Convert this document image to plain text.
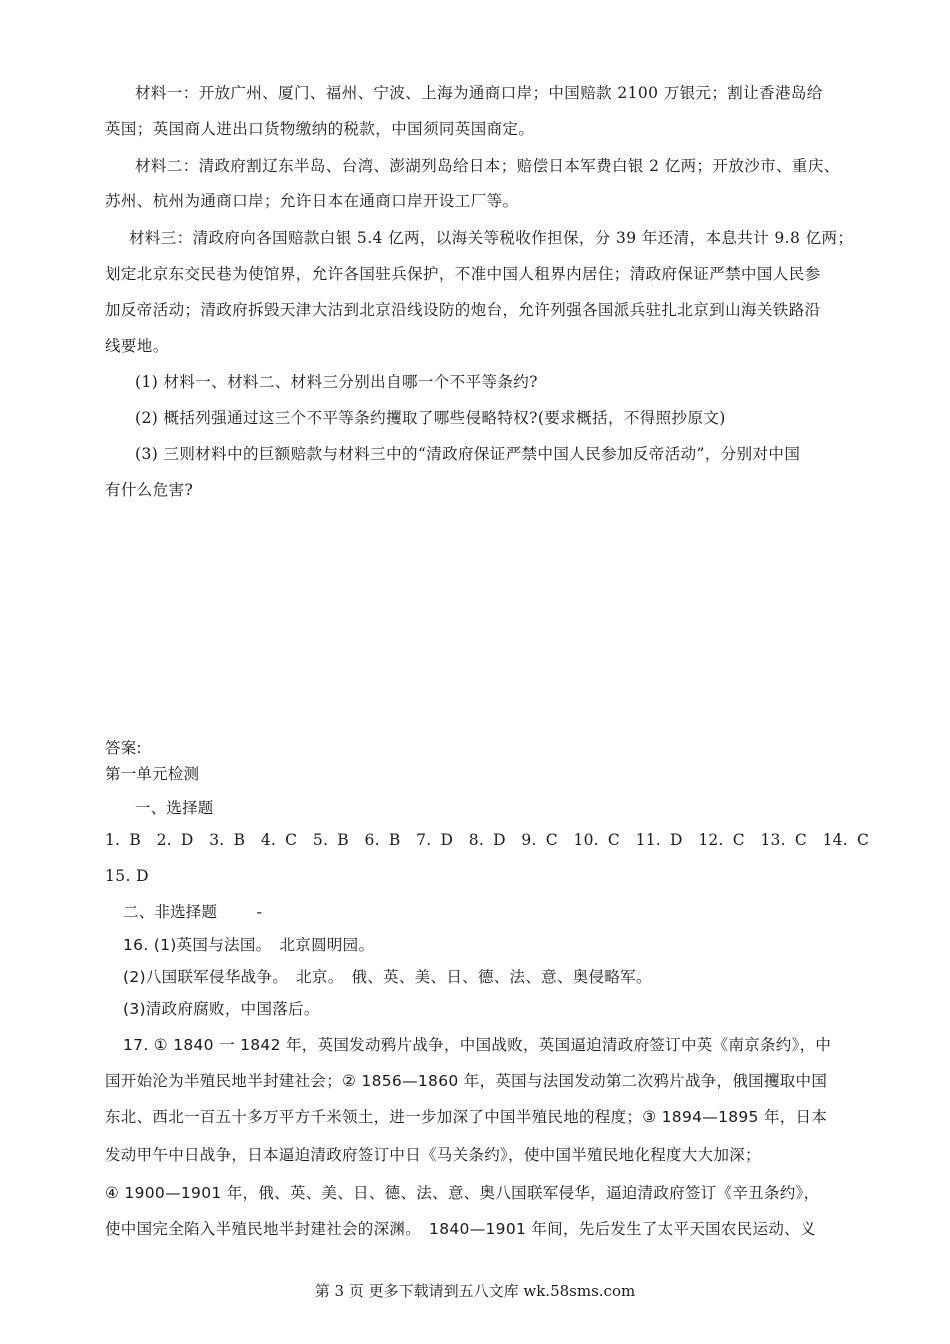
材料一：开放广州、厦门、福州、宁波、上海为通商口岸；中国赔款 2100 万银元；割让香港岛给
英国；英国商人进出口货物缴纳的税款，中国须同英国商定。
材料二：清政府割辽东半岛、台湾、澎湖列岛给日本；赔偿日本军费白银 2 亿两；开放沙市、重庆、
苏州、杭州为通商口岸；允许日本在通商口岸开设工厂等。
材料三：清政府向各国赔款白银 5.4 亿两，以海关等税收作担保，分 39 年还清，本息共计 9.8 亿两；
划定北京东交民巷为使馆界，允许各国驻兵保护，不准中国人租界内居住；清政府保证严禁中国人民参
加反帝活动；清政府拆毁天津大沽到北京沿线设防的炮台，允许列强各国派兵驻扎北京到山海关铁路沿
线要地。
(1) 材料一、材料二、材料三分别出自哪一个不平等条约?
(2) 概括列强通过这三个不平等条约攫取了哪些侵略特权?(要求概括，不得照抄原文)
(3) 三则材料中的巨额赔款与材料三中的“清政府保证严禁中国人民参加反帝活动”，分别对中国
有什么危害?
答案:
第一单元检测
一、选择题
1. B　2. D　3. B　4. C　5. B　6. B　7. D　8. D　9. C　10. C　11. D　12. C　13. C　14. C
15. D
二、非选择题	-
16. (1)英国与法国。　北京圆明园。
(2)八国联军侵华战争。　北京。　俄、英、美、日、德、法、意、奥侵略军。
(3)清政府腐败，中国落后。
17. ① 1840 一 1842 年，英国发动鸦片战争，中国战败，英国逼迫清政府签订中英《南京条约》，中
国开始沦为半殖民地半封建社会；② 1856—1860 年，英国与法国发动第二次鸦片战争，俄国攫取中国
东北、西北一百五十多万平方千米领土，进一步加深了中国半殖民地的程度；③ 1894—1895 年，日本
发动甲午中日战争，日本逼迫清政府签订中日《马关条约》，使中国半殖民地化程度大大加深；
④ 1900—1901 年，俄、英、美、日、德、法、意、奥八国联军侵华，逼迫清政府签订《辛丑条约》，
使中国完全陷入半殖民地半封建社会的深渊。　1840—1901 年间，先后发生了太平天国农民运动、义
第 3 页 更多下载请到五八文库 wk.58sms.com
